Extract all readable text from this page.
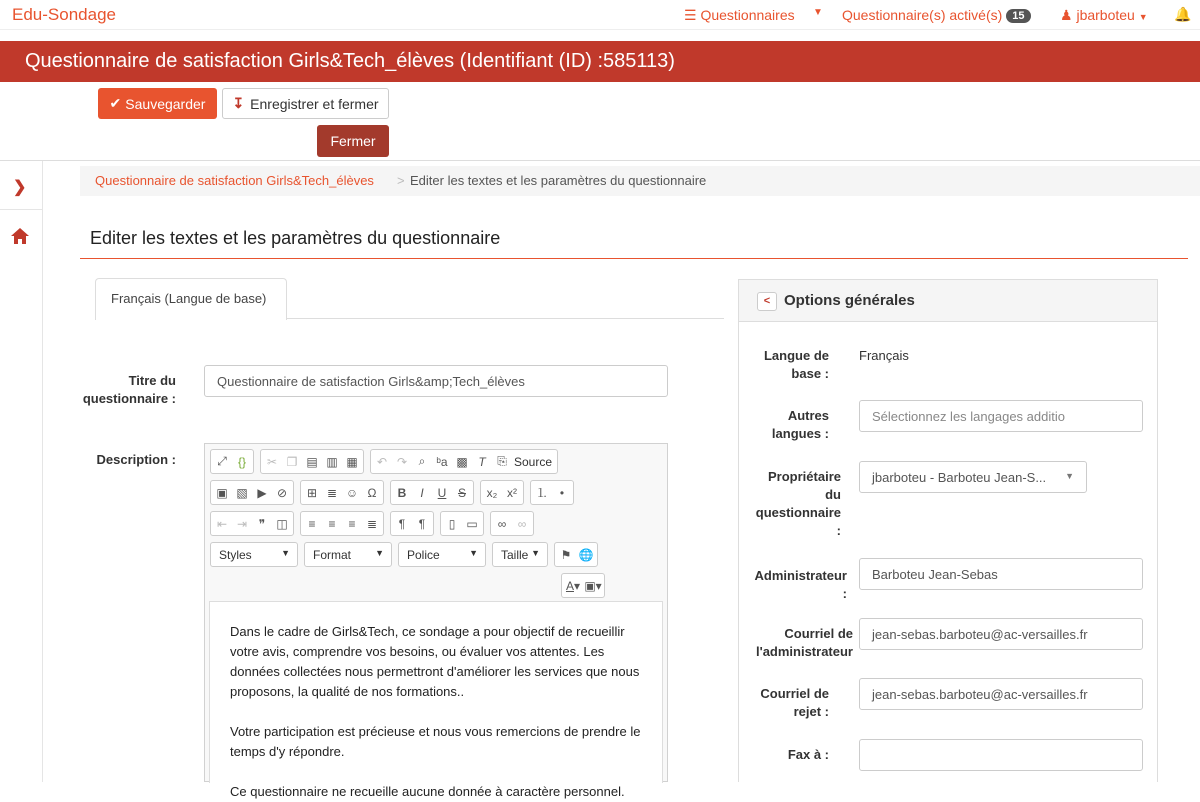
Edu-Sondage	☰ Questionnaires ▼ Questionnaire(s) activé(s) 15	♟ jbarboteu ▼ 🔔
Questionnaire de satisfaction Girls&Tech_élèves (Identifiant (ID) :585113)
✔ Sauvegarder ↧ Enregistrer et fermer
Fermer
❯	Questionnaire de satisfaction Girls&Tech_élèves > Editer les textes et les paramètres du questionnaire
Editer les textes et les paramètres du questionnaire
Français (Langue de base)
Titre du questionnaire :
Questionnaire de satisfaction Girls&amp;Tech_élèves
Description :	⤢ {}	✂ ❐ ▤ ▥ ▦ ↶ ↷ ⌕ ᵇa ▩ T ⎘ Source
▣ ▧ ▶ ⊘ ⊞ ≣ ☺ Ω B I U S x₂ x² ⒈ •
⇤ ⇥ ❞ ◫	≡	≡	≡ ≣	¶	¶	▯ ▭	∞ ∞
Styles	▼	Format	▼	Police	▼	Taille ▼ ⚑ 🌐
A ▾ ▣▾

Dans le cadre de Girls&Tech, ce sondage a pour objectif de recueillir votre avis, comprendre vos besoins, ou évaluer vos attentes. Les données collectées nous permettront d'améliorer les services que nous proposons, la qualité de nos formations..

Votre participation est précieuse et nous vous remercions de prendre le temps d'y répondre.

Ce questionnaire ne recueille aucune donnée à caractère personnel.

< Options générales
Langue de base :
Français
Autres langues :
Sélectionnez les langages additio
Propriétaire du questionnaire :
jbarboteu - Barboteu Jean-S... ▼
Administrateur :
Barboteu Jean-Sebas
Courriel de l'administrateur
jean-sebas.barboteu@ac-versailles.fr
Courriel de rejet :
jean-sebas.barboteu@ac-versailles.fr
Fax à :
